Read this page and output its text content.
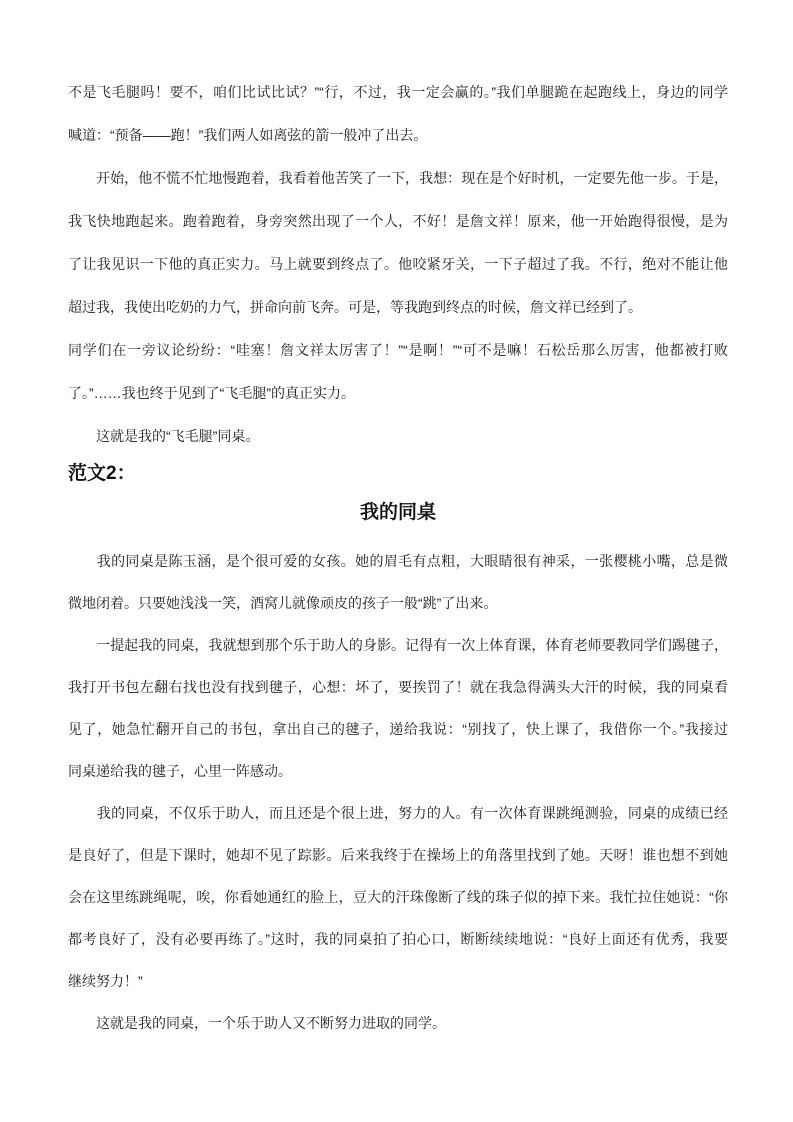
不是飞毛腿吗！要不，咱们比试比试？”“行，不过，我一定会赢的。”我们单腿跪在起跑线上，身边的同学
喊道：“预备——跑！”我们两人如离弦的箭一般冲了出去。
　　开始，他不慌不忙地慢跑着，我看着他苦笑了一下，我想：现在是个好时机，一定要先他一步。于是，
我飞快地跑起来。跑着跑着，身旁突然出现了一个人，不好！是詹文祥！原来，他一开始跑得很慢，是为
了让我见识一下他的真正实力。马上就要到终点了。他咬紧牙关，一下子超过了我。不行，绝对不能让他
超过我，我使出吃奶的力气，拼命向前飞奔。可是，等我跑到终点的时候，詹文祥已经到了。
同学们在一旁议论纷纷：“哇塞！詹文祥太厉害了！”“是啊！”“可不是嘛！石松岳那么厉害，他都被打败
了。”……我也终于见到了“飞毛腿”的真正实力。
　　这就是我的“飞毛腿”同桌。
范文2：
我的同桌
　　我的同桌是陈玉涵，是个很可爱的女孩。她的眉毛有点粗，大眼睛很有神采，一张樱桃小嘴，总是微
微地闭着。只要她浅浅一笑，酒窝儿就像顽皮的孩子一般“跳”了出来。
　　一提起我的同桌，我就想到那个乐于助人的身影。记得有一次上体育课，体育老师要教同学们踢毽子，
我打开书包左翻右找也没有找到毽子，心想：坏了，要挨罚了！就在我急得满头大汗的时候，我的同桌看
见了，她急忙翻开自己的书包，拿出自己的毽子，递给我说：“别找了，快上课了，我借你一个。”我接过
同桌递给我的毽子，心里一阵感动。
　　我的同桌，不仅乐于助人，而且还是个很上进，努力的人。有一次体育课跳绳测验，同桌的成绩已经
是良好了，但是下课时，她却不见了踪影。后来我终于在操场上的角落里找到了她。天呀！谁也想不到她
会在这里练跳绳呢，唉，你看她通红的脸上，豆大的汗珠像断了线的珠子似的掉下来。我忙拉住她说：“你
都考良好了，没有必要再练了。”这时，我的同桌拍了拍心口，断断续续地说：“良好上面还有优秀，我要
继续努力！”
　　这就是我的同桌，一个乐于助人又不断努力进取的同学。
